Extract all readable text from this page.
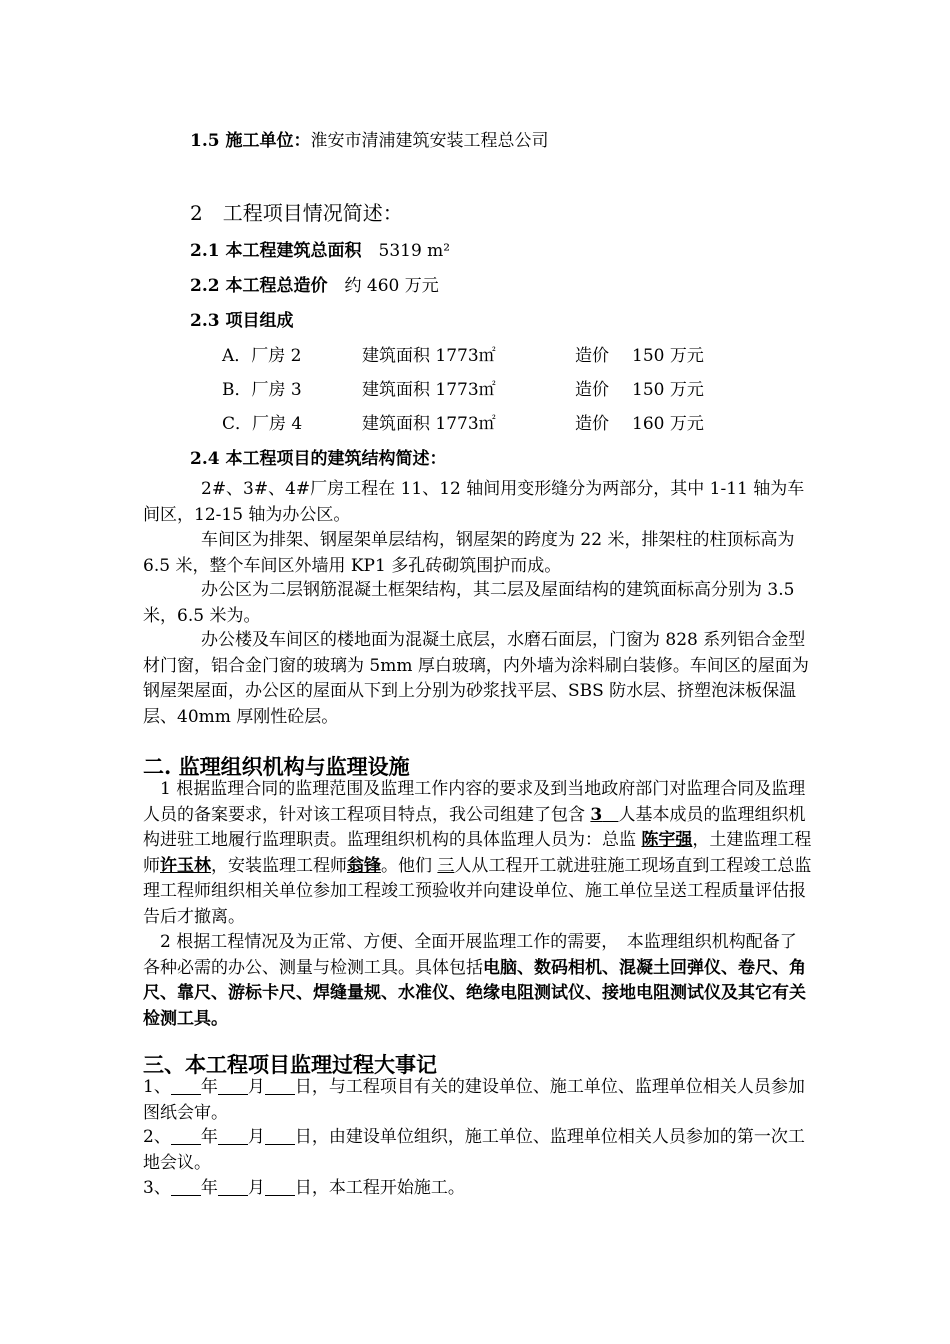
1.5 施工单位：淮安市清浦建筑安装工程总公司
2　工程项目情况简述：
2.1 本工程建筑总面积　 5319 m²
2.2 本工程总造价　 约 460 万元
2.3 项目组成
A．厂房 2	建筑面积 1773㎡	造价 150 万元
B．厂房 3	建筑面积 1773㎡	造价 150 万元
C．厂房 4	建筑面积 1773㎡	造价 160 万元
2.4 本工程项目的建筑结构简述：
2#、3#、4#厂房工程在 11、12 轴间用变形缝分为两部分，其中 1-11 轴为车间区，12-15 轴为办公区。
车间区为排架、钢屋架单层结构，钢屋架的跨度为 22 米，排架柱的柱顶标高为 6.5 米，整个车间区外墙用 KP1 多孔砖砌筑围护而成。
办公区为二层钢筋混凝土框架结构，其二层及屋面结构的建筑面标高分别为 3.5 米，6.5 米为。
办公楼及车间区的楼地面为混凝土底层，水磨石面层，门窗为 828 系列铝合金型材门窗，铝合金门窗的玻璃为 5mm 厚白玻璃，内外墙为涂料刷白装修。车间区的屋面为钢屋架屋面，办公区的屋面从下到上分别为砂浆找平层、SBS 防水层、挤塑泡沫板保温层、40mm 厚刚性砼层。
二. 监理组织机构与监理设施
1 根据监理合同的监理范围及监理工作内容的要求及到当地政府部门对监理合同及监理人员的备案要求，针对该工程项目特点，我公司组建了包含 3 人基本成员的监理组织机构进驻工地履行监理职责。监理组织机构的具体监理人员为：总监 陈宇强，土建监理工程师许玉林，安装监理工程师翁锋。他们 三人从工程开工就进驻施工现场直到工程竣工总监理工程师组织相关单位参加工程竣工预验收并向建设单位、施工单位呈送工程质量评估报告后才撤离。
2 根据工程情况及为正常、方便、全面开展监理工作的需要，　本监理组织机构配备了各种必需的办公、测量与检测工具。具体包括电脑、数码相机、混凝土回弹仪、卷尺、角尺、靠尺、游标卡尺、焊缝量规、水准仪、绝缘电阻测试仪、接地电阻测试仪及其它有关检测工具。
三、本工程项目监理过程大事记
1、 年 月 日，与工程项目有关的建设单位、施工单位、监理单位相关人员参加图纸会审。
2、 年 月 日，由建设单位组织，施工单位、监理单位相关人员参加的第一次工地会议。
3、 年 月 日，本工程开始施工。
